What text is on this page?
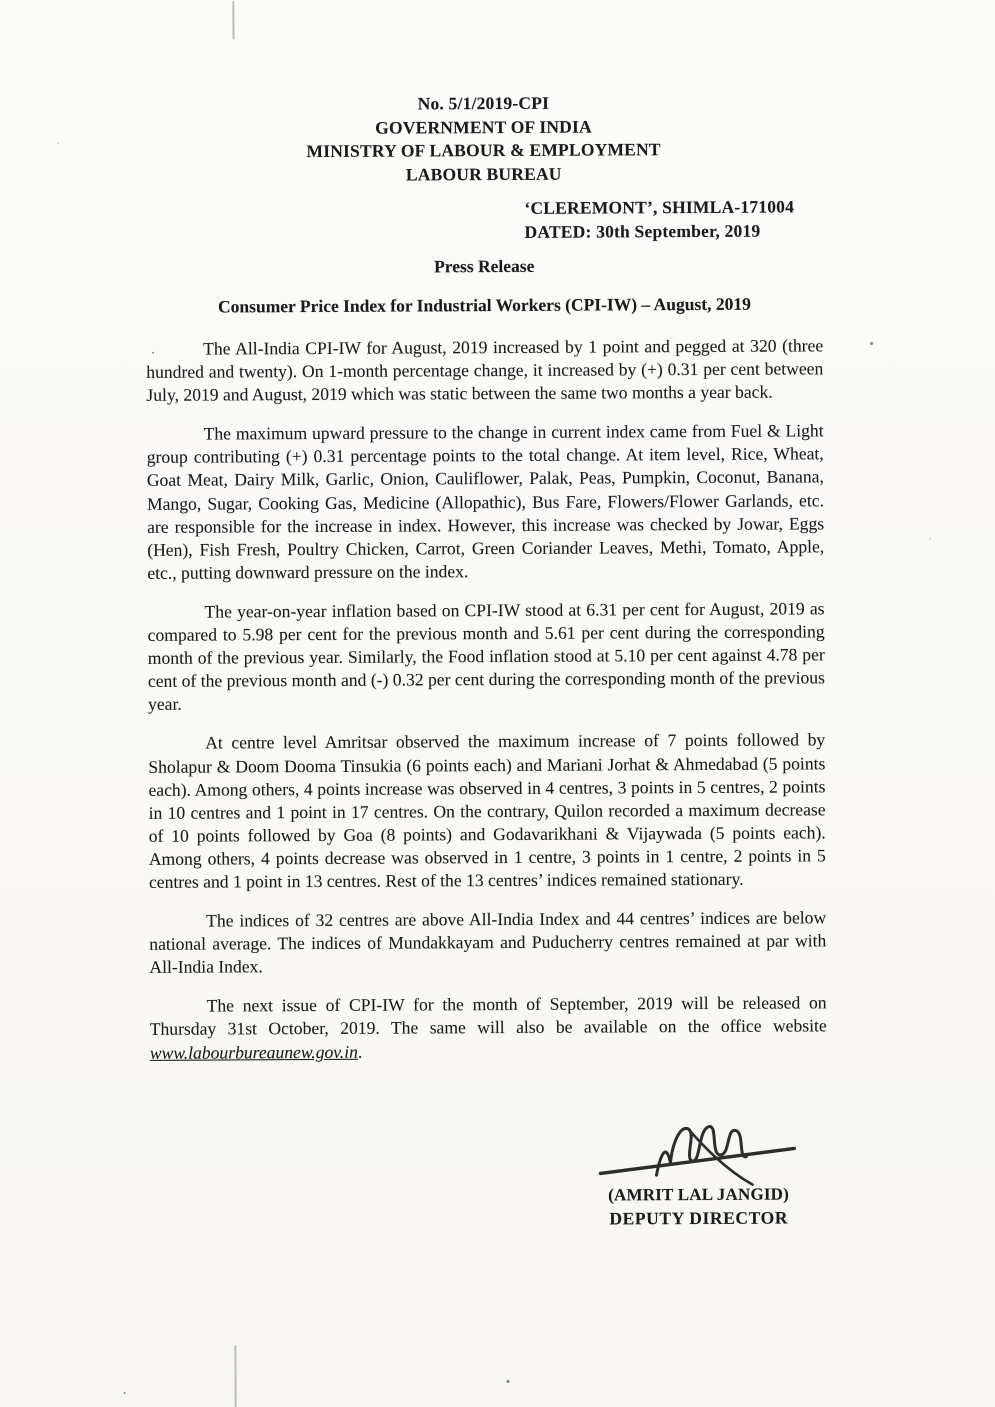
No. 5/1/2019-CPI
GOVERNMENT OF INDIA
MINISTRY OF LABOUR & EMPLOYMENT
LABOUR BUREAU
‘CLEREMONT’, SHIMLA-171004
DATED: 30th September, 2019
Press Release
Consumer Price Index for Industrial Workers (CPI-IW) – August, 2019

The All-India CPI-IW for August, 2019 increased by 1 point and pegged at 320 (three hundred and twenty). On 1-month percentage change, it increased by (+) 0.31 per cent between July, 2019 and August, 2019 which was static between the same two months a year back.

The maximum upward pressure to the change in current index came from Fuel & Light group contributing (+) 0.31 percentage points to the total change. At item level, Rice, Wheat, Goat Meat, Dairy Milk, Garlic, Onion, Cauliflower, Palak, Peas, Pumpkin, Coconut, Banana, Mango, Sugar, Cooking Gas, Medicine (Allopathic), Bus Fare, Flowers/Flower Garlands, etc. are responsible for the increase in index. However, this increase was checked by Jowar, Eggs (Hen), Fish Fresh, Poultry Chicken, Carrot, Green Coriander Leaves, Methi, Tomato, Apple, etc., putting downward pressure on the index.

The year-on-year inflation based on CPI-IW stood at 6.31 per cent for August, 2019 as compared to 5.98 per cent for the previous month and 5.61 per cent during the corresponding month of the previous year. Similarly, the Food inflation stood at 5.10 per cent against 4.78 per cent of the previous month and (-) 0.32 per cent during the corresponding month of the previous year.

At centre level Amritsar observed the maximum increase of 7 points followed by Sholapur & Doom Dooma Tinsukia (6 points each) and Mariani Jorhat & Ahmedabad (5 points each). Among others, 4 points increase was observed in 4 centres, 3 points in 5 centres, 2 points in 10 centres and 1 point in 17 centres. On the contrary, Quilon recorded a maximum decrease of 10 points followed by Goa (8 points) and Godavarikhani & Vijaywada (5 points each). Among others, 4 points decrease was observed in 1 centre, 3 points in 1 centre, 2 points in 5 centres and 1 point in 13 centres. Rest of the 13 centres’ indices remained stationary.

The indices of 32 centres are above All-India Index and 44 centres’ indices are below national average. The indices of Mundakkayam and Puducherry centres remained at par with All-India Index.

The next issue of CPI-IW for the month of September, 2019 will be released on Thursday 31st October, 2019. The same will also be available on the office website www.labourbureaunew.gov.in.

(AMRIT LAL JANGID)
DEPUTY DIRECTOR
